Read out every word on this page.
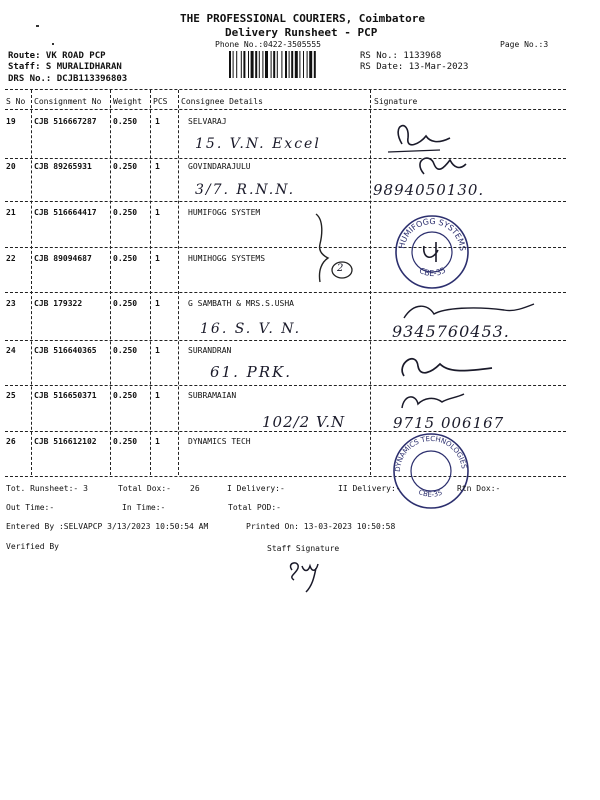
THE PROFESSIONAL COURIERS, Coimbatore
Delivery Runsheet - PCP
Phone No.:0422-3505555	Page No.:3
Route: VK ROAD PCP
Staff: S MURALIDHARAN
DRS No.: DCJB113396803
RS No.: 1133968
RS Date: 13-Mar-2023
S No Consignment No Weight PCS Consignee Details	Signature
19 CJB 516667287 0.250 1	SELVARAJ
15. V.N. Excel
20 CJB 89265931	0.250 1	GOVINDARAJULU
3/7. R.N.N.	9894050130.
21 CJB 516664417 0.250 1	HUMIFOGG SYSTEM
22 CJB 89094687	0.250 1	HUMIHOGG SYSTEMS
23 CJB 179322	0.250 1	G SAMBATH & MRS.S.USHA
16. S. V. N.	9345760453.
24 CJB 516640365 0.250 1	SURANDRAN
61. PRK.
25 CJB 516650371 0.250 1	SUBRAMAIAN
102/2 V.N	9715 006167
26 CJB 516612102 0.250 1	DYNAMICS TECH
2
HUMIFOGG SYSTEMS
CBE-35
DYNAMICS TECHNOLOGIES
CBE-35
Tot. Runsheet:- 3	Total Dox:- 26	I Delivery:-	II Delivery:-	Rtn Dox:-
Out Time:-	In Time:-	Total POD:-
Entered By :SELVAPCP 3/13/2023 10:50:54 AM	Printed On: 13-03-2023 10:50:58
Verified By	Staff Signature
